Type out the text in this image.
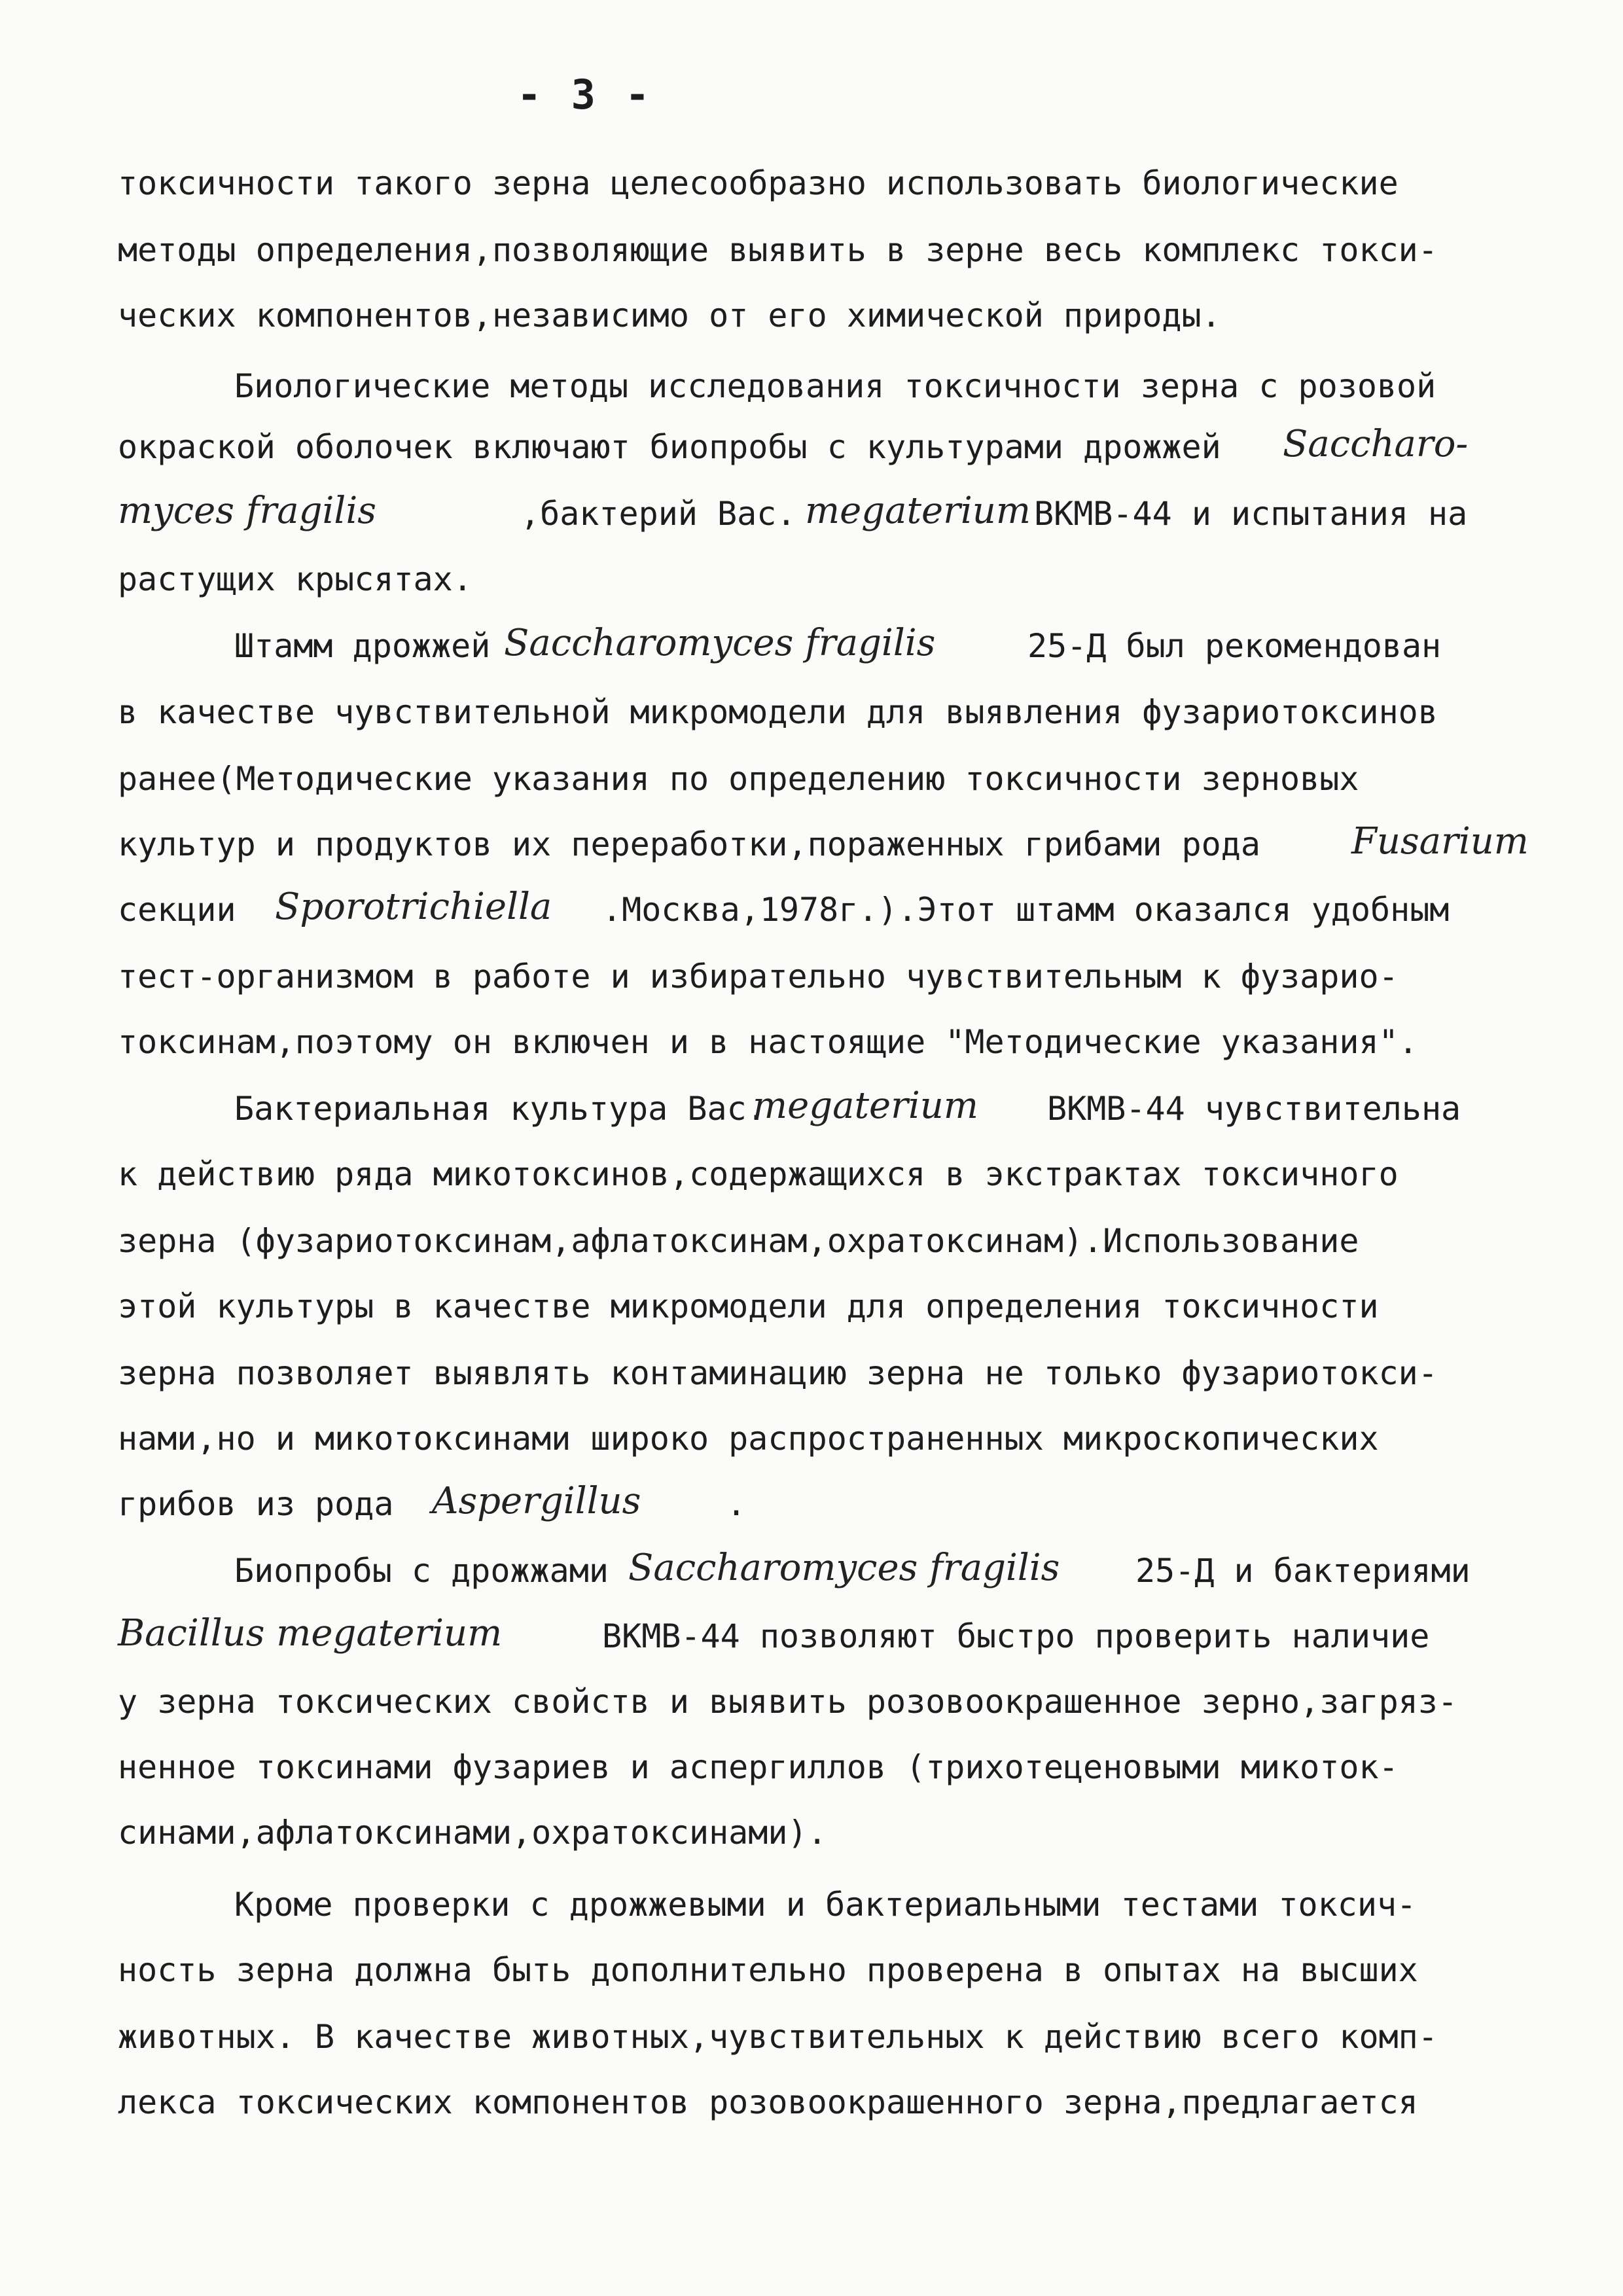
- 3 -
токсичности такого зерна целесообразно использовать биологические
методы определения,позволяющие выявить в зерне весь комплекс токси-
ческих компонентов,независимо от его химической природы.
Биологические методы исследования токсичности зерна с розовой
окраской оболочек включают биопробы с культурами дрожжей Sacchаro-
myces fragilis	,бактерий Вас. megaterium ВКМВ-44 и испытания на
растущих крысятах.
Штамм дрожжей Saccharomyces fragilis	25-Д был рекомендован
в качестве чувствительной микромодели для выявления фузариотоксинов
ранее(Методические указания по определению токсичности зерновых
культур и продуктов их переработки,пораженных грибами рода Fusarium
секции Sporotrichiella .Москва,1978г.).Этот штамм оказался удобным
тест-организмом в работе и избирательно чувствительным к фузарио-
токсинам,поэтому он включен и в настоящие "Методические указания".
Бактериальная культура Вас.
megaterium ВКМВ-44 чувствительна
к действию ряда микотоксинов,содержащихся в экстрактах токсичного
зерна (фузариотоксинам,афлатоксинам,охратоксинам).Использование
этой культуры в качестве микромодели для определения токсичности
зерна позволяет выявлять контаминацию зерна не только фузариотокси-
нами,но и микотоксинами широко распространенных микроскопических
грибов из рода Aspergillus	.
Биопробы с дрожжами Saccharomyces fragilis 25-Д и бактериями
Bacillus megaterium	ВКМВ-44 позволяют быстро проверить наличие
у зерна токсических свойств и выявить розовоокрашенное зерно,загряз-
ненное токсинами фузариев и аспергиллов (трихотеценовыми микоток-
синами,афлатоксинами,охратоксинами).
Кроме проверки с дрожжевыми и бактериальными тестами токсич-
ность зерна должна быть дополнительно проверена в опытах на высших
животных. В качестве животных,чувствительных к действию всего комп-
лекса токсических компонентов розовоокрашенного зерна,предлагается
